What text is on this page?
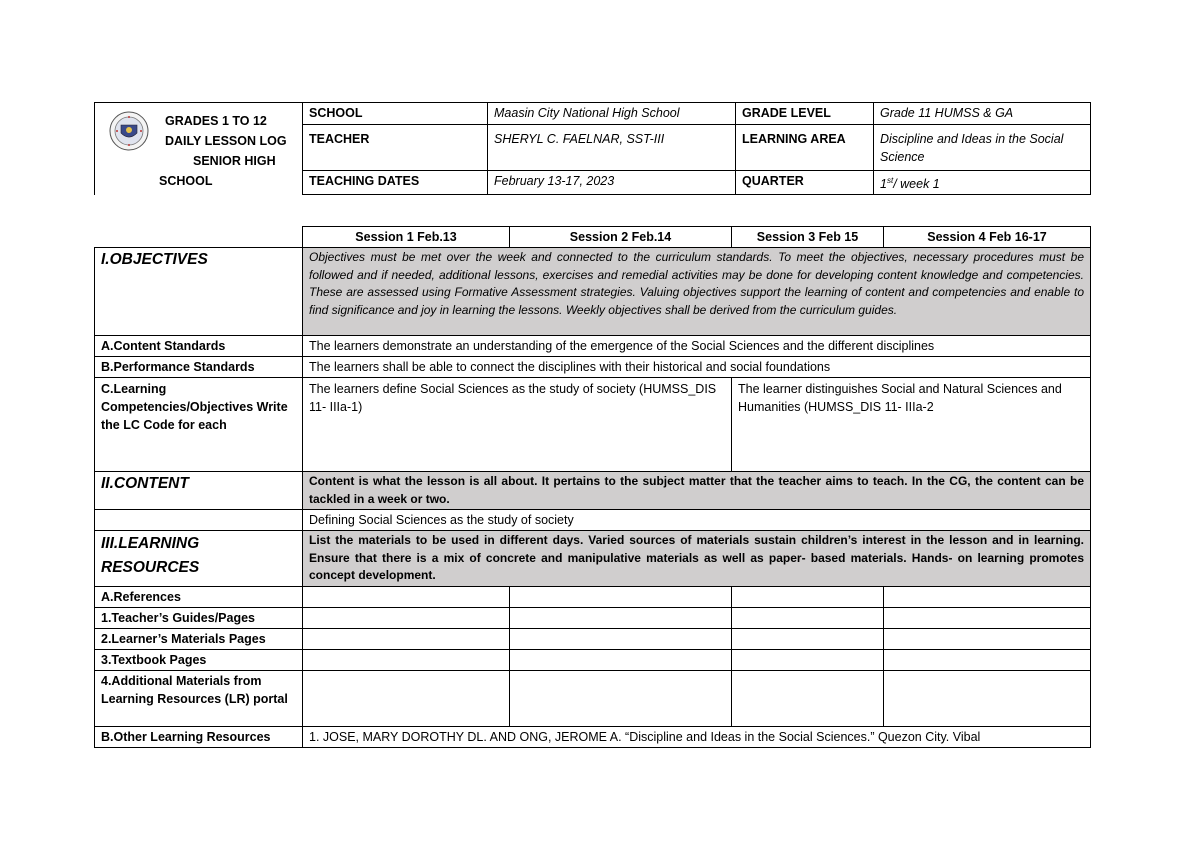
GRADES 1 TO 12
DAILY LESSON LOG
SENIOR HIGH
SCHOOL	SCHOOL	Maasin City National High School	GRADE LEVEL	Grade 11 HUMSS & GA
	TEACHER	SHERYL C. FAELNAR, SST-III	LEARNING AREA	Discipline and Ideas in the Social Science
	TEACHING DATES	February 13-17, 2023	QUARTER	1st/ week 1
	Session 1 Feb.13	Session 2 Feb.14	Session 3 Feb 15	Session 4 Feb 16-17
I.OBJECTIVES	Objectives must be met over the week and connected to the curriculum standards. To meet the objectives, necessary procedures must be followed and if needed, additional lessons, exercises and remedial activities may be done for developing content knowledge and competencies. These are assessed using Formative Assessment strategies. Valuing objectives support the learning of content and competencies and enable to find significance and joy in learning the lessons. Weekly objectives shall be derived from the curriculum guides.			
A.Content Standards	The learners demonstrate an understanding of the emergence of the Social Sciences and the different disciplines			
B.Performance Standards	The learners shall be able to connect the disciplines with their historical and social foundations			
C.Learning Competencies/Objectives Write the LC Code for each	The learners define Social Sciences as the study of society (HUMSS_DIS 11- IIIa-1)		The learner distinguishes Social and Natural Sciences and Humanities (HUMSS_DIS 11- IIIa-2	
II.CONTENT	Content is what the lesson is all about. It pertains to the subject matter that the teacher aims to teach. In the CG, the content can be tackled in a week or two.			
	Defining Social Sciences as the study of society			
III.LEARNING RESOURCES	List the materials to be used in different days. Varied sources of materials sustain children’s interest in the lesson and in learning. Ensure that there is a mix of concrete and manipulative materials as well as paper- based materials. Hands- on learning promotes concept development.			
A.References				
1.Teacher’s Guides/Pages				
2.Learner’s Materials Pages				
3.Textbook Pages				
4.Additional Materials from Learning Resources (LR) portal				
B.Other Learning Resources	1. JOSE, MARY DOROTHY DL. AND ONG, JEROME A. “Discipline and Ideas in the Social Sciences.” Quezon City. Vibal			
